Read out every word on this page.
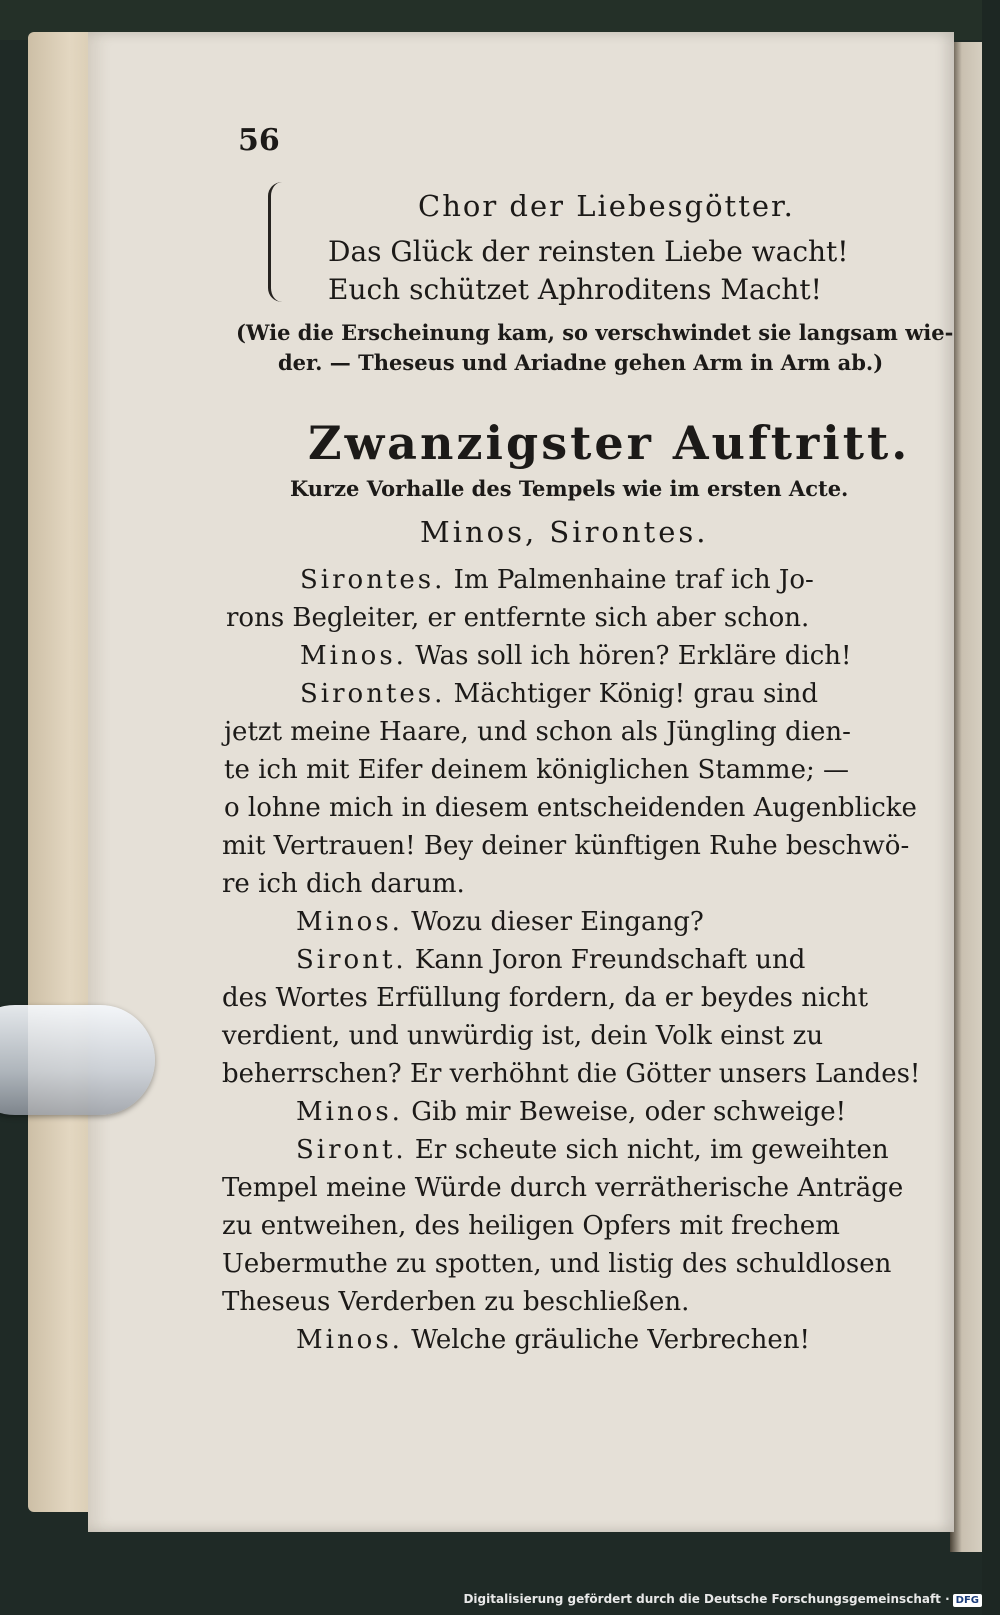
56
Chor der Liebesgötter.
Das Glück der reinsten Liebe wacht!
Euch schützet Aphroditens Macht!
(Wie die Erscheinung kam, so verschwindet sie langsam wie-
der. — Theseus und Ariadne gehen Arm in Arm ab.)
Zwanzigster Auftritt.
Kurze Vorhalle des Tempels wie im ersten Acte.
Minos, Sirontes.
Sirontes. Im Palmenhaine traf ich Jo-
rons Begleiter, er entfernte sich aber schon.
Minos. Was soll ich hören? Erkläre dich!
Sirontes. Mächtiger König! grau sind
jetzt meine Haare, und schon als Jüngling dien-
te ich mit Eifer deinem königlichen Stamme; —
o lohne mich in diesem entscheidenden Augenblicke
mit Vertrauen! Bey deiner künftigen Ruhe beschwö-
re ich dich darum.
Minos. Wozu dieser Eingang?
Siront. Kann Joron Freundschaft und
des Wortes Erfüllung fordern, da er beydes nicht
verdient, und unwürdig ist, dein Volk einst zu
beherrschen? Er verhöhnt die Götter unsers Landes!
Minos. Gib mir Beweise, oder schweige!
Siront. Er scheute sich nicht, im geweihten
Tempel meine Würde durch verrätherische Anträge
zu entweihen, des heiligen Opfers mit frechem
Uebermuthe zu spotten, und listig des schuldlosen
Theseus Verderben zu beschließen.
Minos. Welche gräuliche Verbrechen!
Digitalisierung gefördert durch die Deutsche Forschungsgemeinschaft · DFG
